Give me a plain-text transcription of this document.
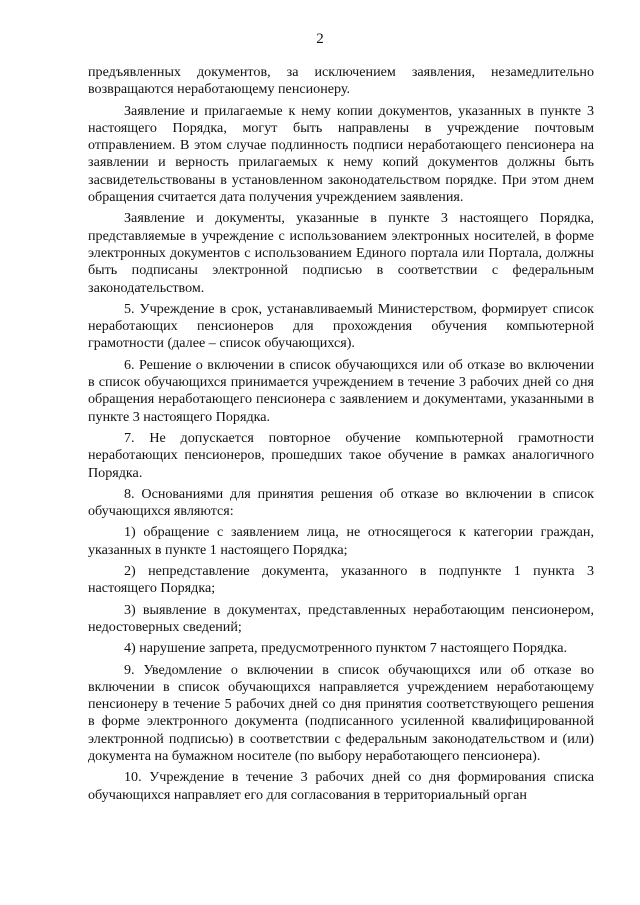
2

предъявленных документов, за исключением заявления, незамедлительно возвращаются неработающему пенсионеру.

Заявление и прилагаемые к нему копии документов, указанных в пункте 3 настоящего Порядка, могут быть направлены в учреждение почтовым отправлением. В этом случае подлинность подписи неработающего пенсионера на заявлении и верность прилагаемых к нему копий документов должны быть засвидетельствованы в установленном законодательством порядке. При этом днем обращения считается дата получения учреждением заявления.

Заявление и документы, указанные в пункте 3 настоящего Порядка, представляемые в учреждение с использованием электронных носителей, в форме электронных документов с использованием Единого портала или Портала, должны быть подписаны электронной подписью в соответствии с федеральным законодательством.

5. Учреждение в срок, устанавливаемый Министерством, формирует список неработающих пенсионеров для прохождения обучения компьютерной грамотности (далее – список обучающихся).

6. Решение о включении в список обучающихся или об отказе во включении в список обучающихся принимается учреждением в течение 3 рабочих дней со дня обращения неработающего пенсионера с заявлением и документами, указанными в пункте 3 настоящего Порядка.

7. Не допускается повторное обучение компьютерной грамотности неработающих пенсионеров, прошедших такое обучение в рамках аналогичного Порядка.

8. Основаниями для принятия решения об отказе во включении в список обучающихся являются:

1) обращение с заявлением лица, не относящегося к категории граждан, указанных в пункте 1 настоящего Порядка;

2) непредставление документа, указанного в подпункте 1 пункта 3 настоящего Порядка;

3) выявление в документах, представленных неработающим пенсионером, недостоверных сведений;

4) нарушение запрета, предусмотренного пунктом 7 настоящего Порядка.

9. Уведомление о включении в список обучающихся или об отказе во включении в список обучающихся направляется учреждением неработающему пенсионеру в течение 5 рабочих дней со дня принятия соответствующего решения в форме электронного документа (подписанного усиленной квалифицированной электронной подписью) в соответствии с федеральным законодательством и (или) документа на бумажном носителе (по выбору неработающего пенсионера).

10. Учреждение в течение 3 рабочих дней со дня формирования списка обучающихся направляет его для согласования в территориальный орган
